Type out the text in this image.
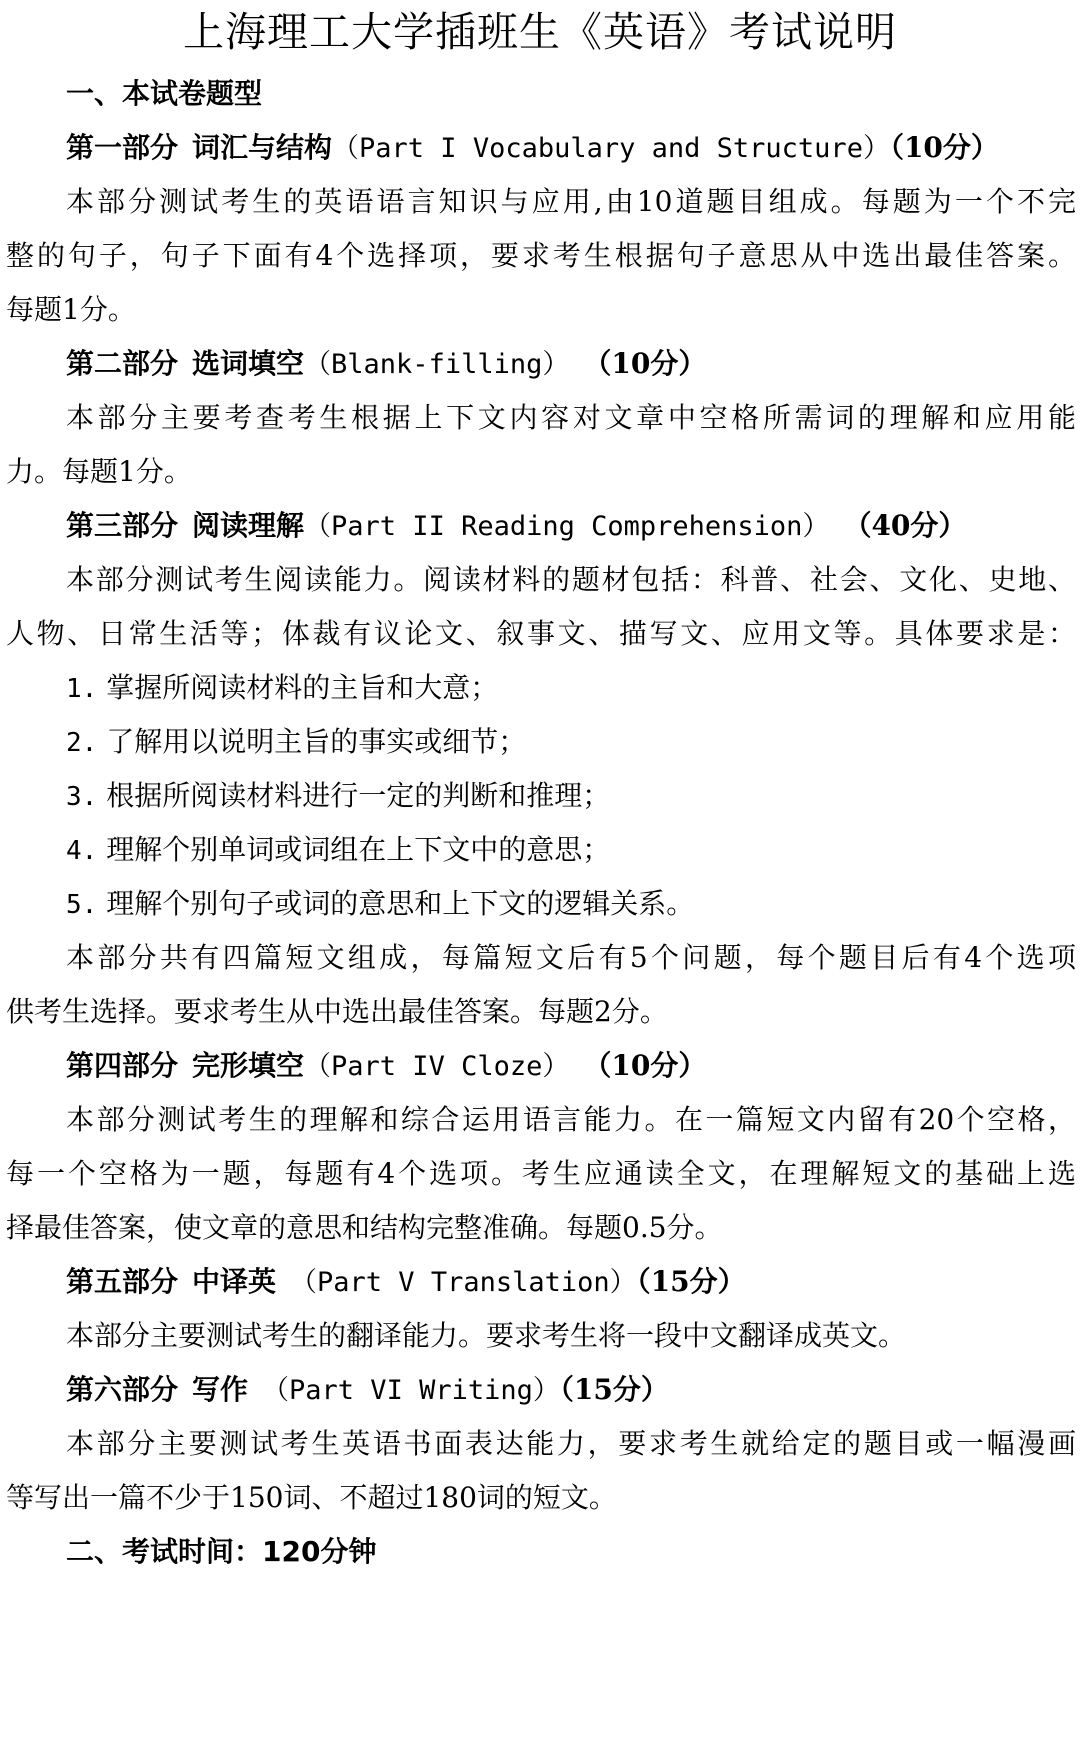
上海理工大学插班生《英语》考试说明
一、本试卷题型
第一部分 词汇与结构（Part I Vocabulary and Structure）（10分）
本部分测试考生的英语语言知识与应用,由10道题目组成。每题为一个不完
整的句子，句子下面有4个选择项，要求考生根据句子意思从中选出最佳答案。
每题1分。
第二部分 选词填空（Blank-filling） （10分）
本部分主要考查考生根据上下文内容对文章中空格所需词的理解和应用能
力。每题1分。
第三部分 阅读理解（Part II Reading Comprehension） （40分）
本部分测试考生阅读能力。阅读材料的题材包括：科普、社会、文化、史地、
人物、日常生活等；体裁有议论文、叙事文、描写文、应用文等。具体要求是：
1. 掌握所阅读材料的主旨和大意；
2. 了解用以说明主旨的事实或细节；
3. 根据所阅读材料进行一定的判断和推理；
4. 理解个别单词或词组在上下文中的意思；
5. 理解个别句子或词的意思和上下文的逻辑关系。
本部分共有四篇短文组成，每篇短文后有5个问题，每个题目后有4个选项
供考生选择。要求考生从中选出最佳答案。每题2分。
第四部分 完形填空（Part IV Cloze） （10分）
本部分测试考生的理解和综合运用语言能力。在一篇短文内留有20个空格，
每一个空格为一题，每题有4个选项。考生应通读全文，在理解短文的基础上选
择最佳答案，使文章的意思和结构完整准确。每题0.5分。
第五部分 中译英 （Part V Translation）（15分）
本部分主要测试考生的翻译能力。要求考生将一段中文翻译成英文。
第六部分 写作 （Part VI Writing）（15分）
本部分主要测试考生英语书面表达能力，要求考生就给定的题目或一幅漫画
等写出一篇不少于150词、不超过180词的短文。
二、考试时间：120分钟
